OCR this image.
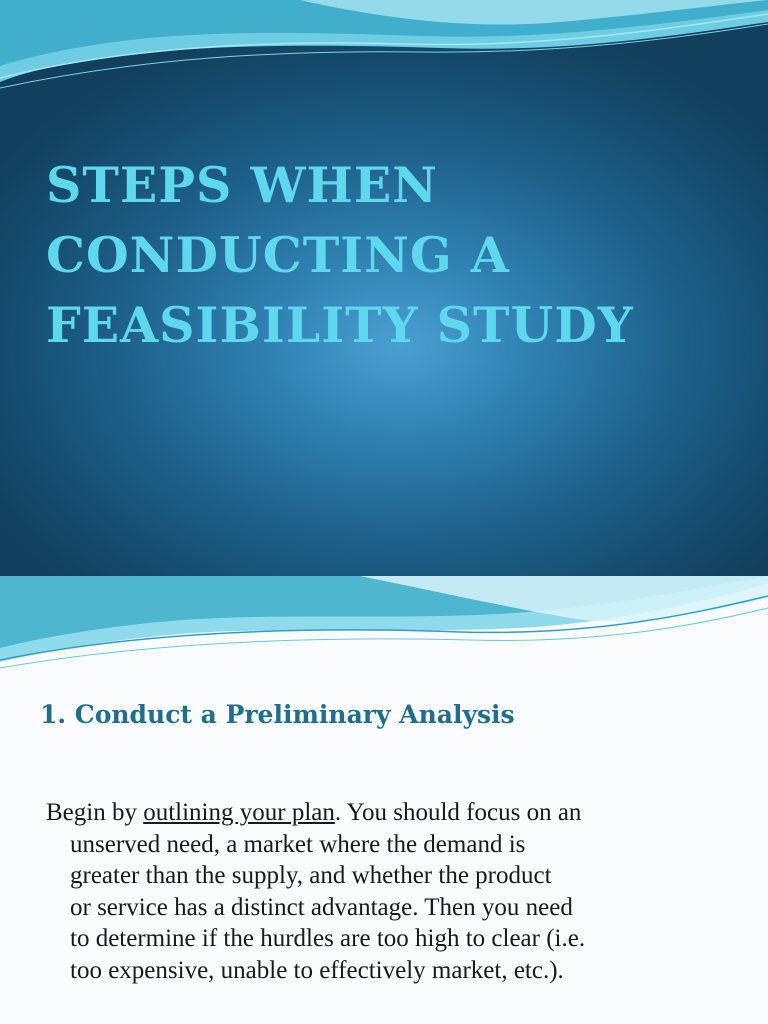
STEPS WHEN
CONDUCTING A
FEASIBILITY STUDY
1. Conduct a Preliminary Analysis

Begin by outlining your plan. You should focus on an
unserved need, a market where the demand is
greater than the supply, and whether the product
or service has a distinct advantage. Then you need
to determine if the hurdles are too high to clear (i.e.
too expensive, unable to effectively market, etc.).
